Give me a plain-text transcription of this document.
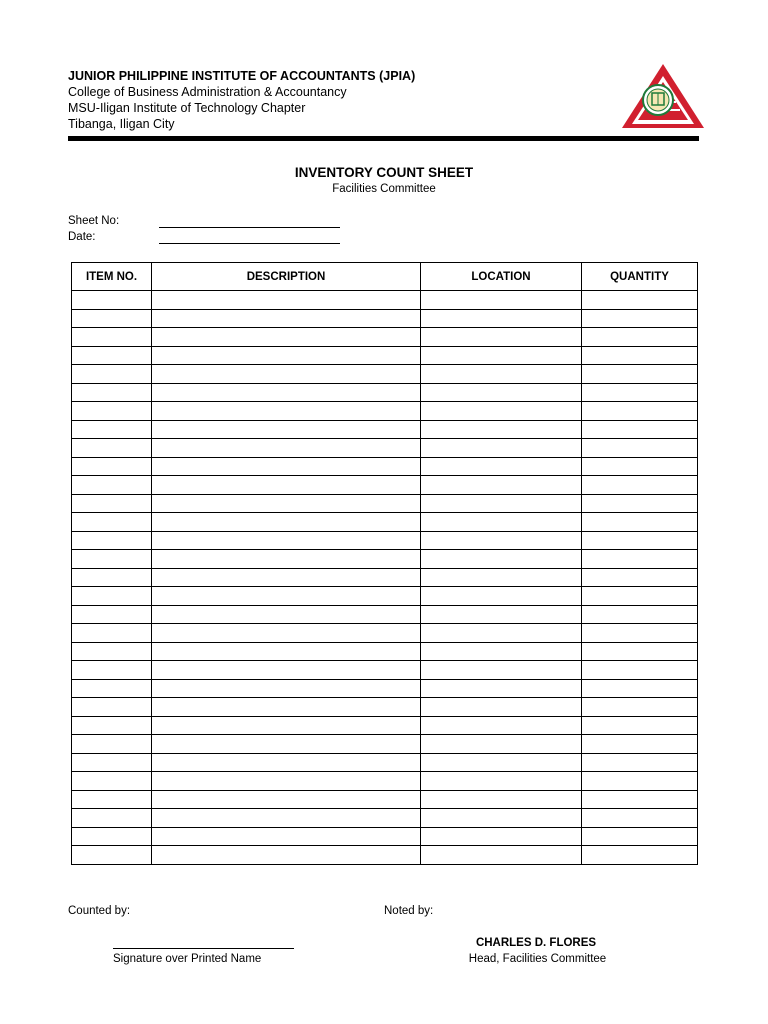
JUNIOR PHILIPPINE INSTITUTE OF ACCOUNTANTS (JPIA)
College of Business Administration & Accountancy
MSU-Iligan Institute of Technology Chapter
Tibanga, Iligan City
INVENTORY COUNT SHEET
Facilities Committee
Sheet No:
Date:
ITEM NO.	DESCRIPTION	LOCATION	QUANTITY

Counted by:	Noted by:
Signature over Printed Name
CHARLES D. FLORES
Head, Facilities Committee
